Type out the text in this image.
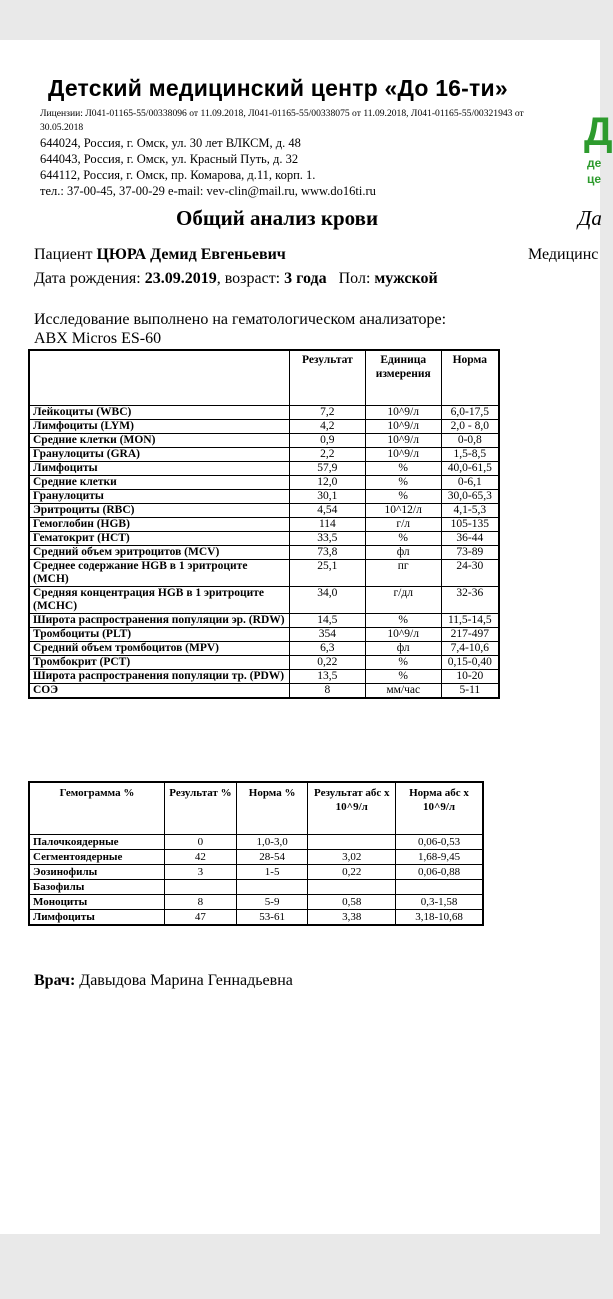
Детский медицинский центр «До 16-ти»
Лицензии: Л041-01165-55/00338096 от 11.09.2018, Л041-01165-55/00338075 от 11.09.2018, Л041-01165-55/00321943 от 30.05.2018
644024, Россия, г. Омск, ул. 30 лет ВЛКСМ, д. 48
644043, Россия, г. Омск, ул. Красный Путь, д. 32
644112, Россия, г. Омск, пр. Комарова, д.11, корп. 1.
тел.: 37-00-45, 37-00-29 e-mail: vev-clin@mail.ru, www.do16ti.ru
Д
де
це
Общий анализ крови	Да
Пациент ЦЮРА Демид Евгеньевич	Медицинс
Дата рождения: 23.09.2019, возраст: 3 года   Пол: мужской
Исследование выполнено на гематологическом анализаторе:
ABX Micros ES-60
	Результат	Единица измерения	Норма
Лейкоциты (WBC)	7,2	10^9/л	6,0-17,5
Лимфоциты (LYM)	4,2	10^9/л	2,0 - 8,0
Средние клетки (MON)	0,9	10^9/л	0-0,8
Гранулоциты (GRA)	2,2	10^9/л	1,5-8,5
Лимфоциты	57,9	%	40,0-61,5
Средние клетки	12,0	%	0-6,1
Гранулоциты	30,1	%	30,0-65,3
Эритроциты (RBC)	4,54	10^12/л	4,1-5,3
Гемоглобин (HGB)	114	г/л	105-135
Гематокрит (HCT)	33,5	%	36-44
Средний объем эритроцитов (MCV)	73,8	фл	73-89
Среднее содержание HGB в 1 эритроците (MCH)	25,1	пг	24-30
Средняя концентрация HGB в 1 эритроците (MCHC)	34,0	г/дл	32-36
Широта распространения популяции эр. (RDW)	14,5	%	11,5-14,5
Тромбоциты (PLT)	354	10^9/л	217-497
Средний объем тромбоцитов (MPV)	6,3	фл	7,4-10,6
Тромбокрит (PCT)	0,22	%	0,15-0,40
Широта распространения популяции тр. (PDW)	13,5	%	10-20
СОЭ	8	мм/час	5-11
Гемограмма %	Результат %	Норма %	Результат абс х 10^9/л	Норма абс х 10^9/л
Палочкоядерные	0	1,0-3,0		0,06-0,53
Сегментоядерные	42	28-54	3,02	1,68-9,45
Эозинофилы	3	1-5	0,22	0,06-0,88
Базофилы				
Моноциты	8	5-9	0,58	0,3-1,58
Лимфоциты	47	53-61	3,38	3,18-10,68
Врач: Давыдова Марина Геннадьевна
